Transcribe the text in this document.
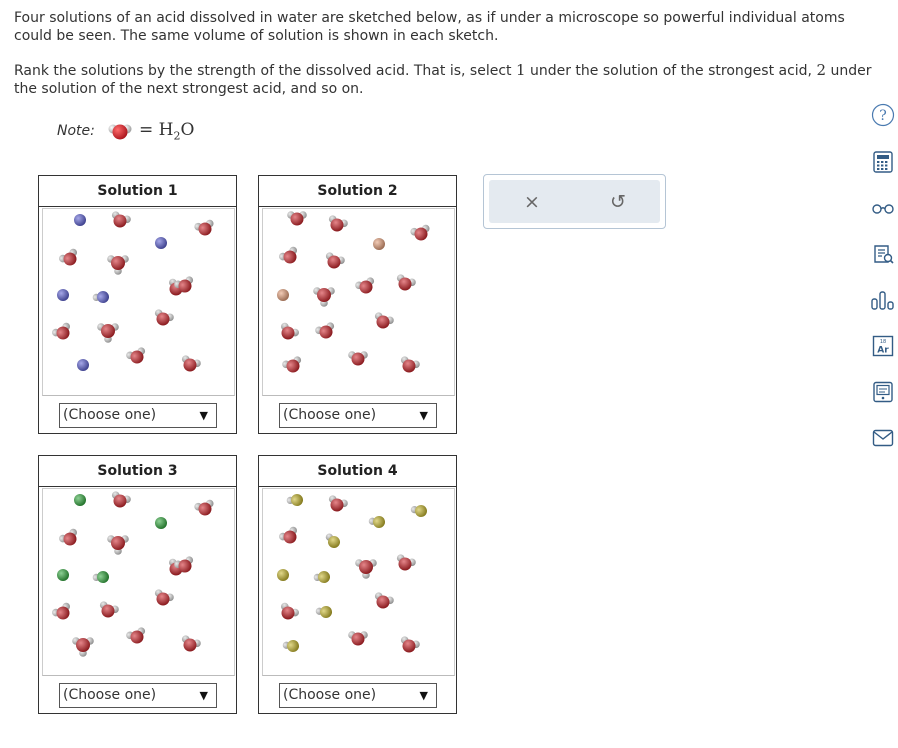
Four solutions of an acid dissolved in water are sketched below, as if under a microscope so powerful individual atoms could be seen. The same volume of solution is shown in each sketch.

Rank the solutions by the strength of the dissolved acid. That is, select 1 under the solution of the strongest acid, 2 under the solution of the next strongest acid, and so on.

Note:	= $H_2O$
Solution 1
(Choose one)	▼
Solution 2
(Choose one)	▼
Solution 3
(Choose one)	▼
Solution 4
(Choose one)	▼
×	↺
?
18
Ar
